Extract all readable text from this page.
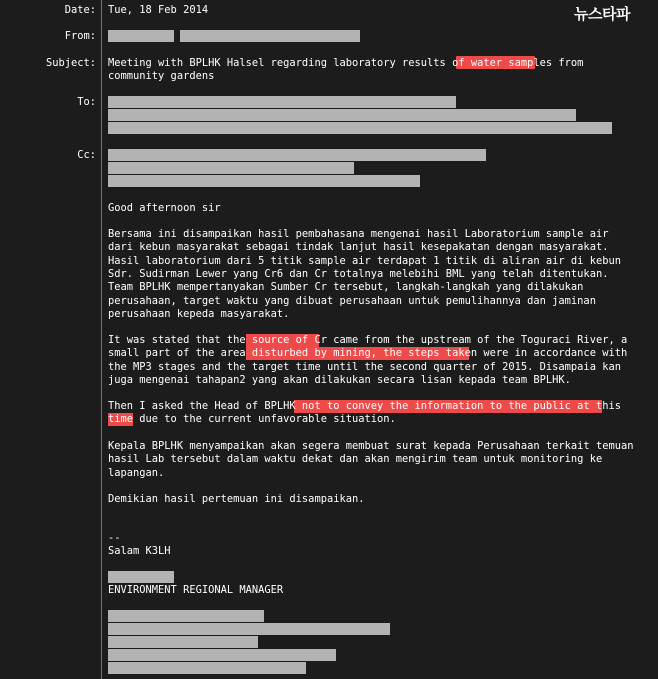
뉴스타파
Date: Tue, 18 Feb 2014
From:
Subject: Meeting with BPLHK Halsel regarding laboratory results of water samples from
community gardens
To:
Cc:
Good afternoon sir
Bersama ini disampaikan hasil pembahasana mengenai hasil Laboratorium sample air
dari kebun masyarakat sebagai tindak lanjut hasil kesepakatan dengan masyarakat.
Hasil laboratorium dari 5 titik sample air terdapat 1 titik di aliran air di kebun
Sdr. Sudirman Lewer yang Cr6 dan Cr totalnya melebihi BML yang telah ditentukan.
Team BPLHK mempertanyakan Sumber Cr tersebut, langkah-langkah yang dilakukan
perusahaan, target waktu yang dibuat perusahaan untuk pemulihannya dan jaminan
perusahaan kepeda masyarakat.
It was stated that the source of Cr came from the upstream of the Toguraci River, a
small part of the area disturbed by mining, the steps taken were in accordance with
the MP3 stages and the target time until the second quarter of 2015. Disampaia kan
juga mengenai tahapan2 yang akan dilakukan secara lisan kepada team BPLHK.
Then I asked the Head of BPLHK not to convey the information to the public at this
time due to the current unfavorable situation.
Kepala BPLHK menyampaikan akan segera membuat surat kepada Perusahaan terkait temuan
hasil Lab tersebut dalam waktu dekat dan akan mengirim team untuk monitoring ke
lapangan.
Demikian hasil pertemuan ini disampaikan.
--
Salam K3LH
ENVIRONMENT REGIONAL MANAGER
